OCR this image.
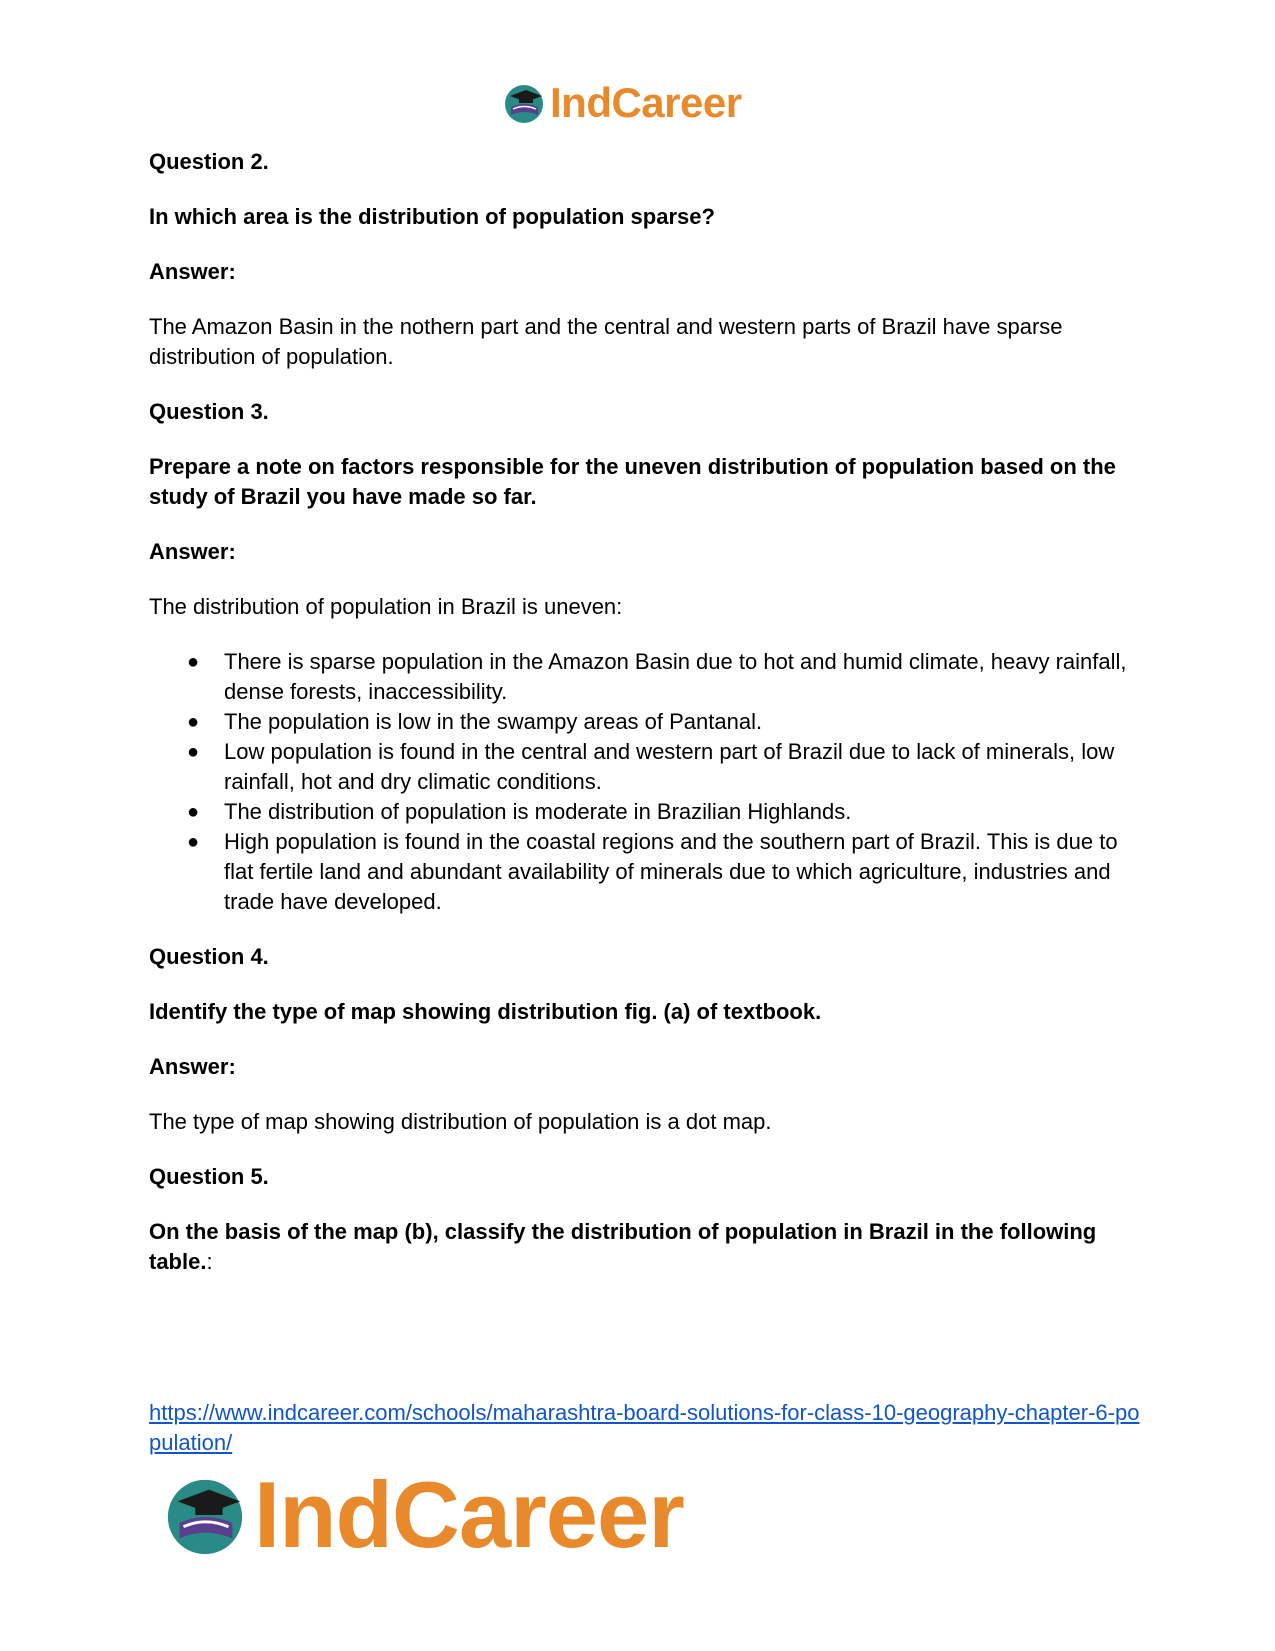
IndCareer

Question 2.

In which area is the distribution of population sparse?

Answer:

The Amazon Basin in the nothern part and the central and western parts of Brazil have sparse distribution of population.

Question 3.

Prepare a note on factors responsible for the uneven distribution of population based on the study of Brazil you have made so far.

Answer:

The distribution of population in Brazil is uneven:

● There is sparse population in the Amazon Basin due to hot and humid climate, heavy rainfall, dense forests, inaccessibility.
● The population is low in the swampy areas of Pantanal.
● Low population is found in the central and western part of Brazil due to lack of minerals, low rainfall, hot and dry climatic conditions.
● The distribution of population is moderate in Brazilian Highlands.
● High population is found in the coastal regions and the southern part of Brazil. This is due to flat fertile land and abundant availability of minerals due to which agriculture, industries and trade have developed.

Question 4.

Identify the type of map showing distribution fig. (a) of textbook.

Answer:

The type of map showing distribution of population is a dot map.

Question 5.

On the basis of the map (b), classify the distribution of population in Brazil in the following table.:

https://www.indcareer.com/schools/maharashtra-board-solutions-for-class-10-geography-chapter-6-population/
IndCareer
